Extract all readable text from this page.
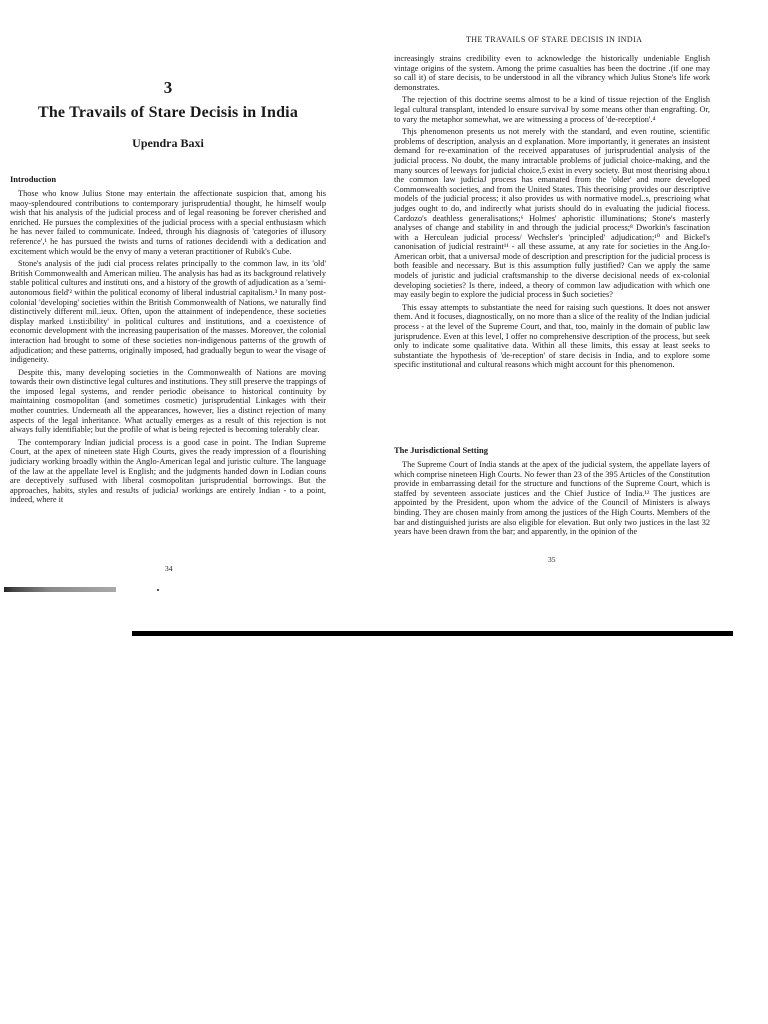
THE TRAVAILS OF STARE DECISIS IN INDIA
3
The Travails of Stare Decisis in India
Upendra Baxi
Introduction

Those who know Julius Stone may entertain the affectionate suspicion that, among his maoy-splendoured contributions to contemporary jurisprudentiaJ thought, he himself woulp wish that his analysis of the judicial process and of legal reasoning be forever cherished and enriched. He pursues the complexities of the judicial process with a special enthusiasm which he has never failed to communicate. Indeed, through his diagnosis of 'categories of illusory reference',¹ he has pursued the twists and turns of rationes decidendi with a dedication and excitement which would be the envy of many a veteran practitioner of Rubik's Cube.

Stone's analysis of the judi cial process relates principally to the common law, in its 'old' British Commonwealth and American milieu. The analysis has had as its background relatively stable political cultures and instituti ons, and a history of the growth of adjudication as a 'semi-autonomous field'² within the political economy of liberal industrial capitalism.³ In many post-colonial 'developing' societies within the British Commonwealth of Nations, we naturally find distinctively different mil..ieux. Often, upon the attainment of independence, these societies display marked i.nsti:ibility' in political cultures and institutions, and a coexistence of economic development with the increasing pauperisation of the masses. Moreover, the colonial interaction had brought to some of these societies non-indigenous patterns of the growth of adjudication; and these patterns, originally imposed, had gradually begun to wear the visage of indigeneity.

Despite this, many developing societies in the Commonwealth of Nations are moving towards their own distinctive legal cultures and institutions. They still preserve the trappings of the imposed legal systems, and render periodic obeisance to historical continuity by maintaining cosmopolitan (and sometimes cosmetic) jurisprudential Linkages with their mother countries. Underneath all the appearances, however, lies a distinct rejection of many aspects of the legal inheritance. What actually emerges as a result of this rejection is not always fully identifiable; but the profile of what is being rejected is becoming tolerably clear.

The contemporary lndian judicial process is a good case in point. The Indian Supreme Court, at the apex of nineteen state High Courts, gives the ready impression of a flourishing judiciary working broadly within the Anglo-American legal and juristic culture. The language of the law at the appellate level is English; and the judgments handed down in Lodian couns are deceptively suffused with liberal cosmopolitan jurisprudential borrowings. But the approaches, habits, styles and resuJts of judiciaJ workings are entirely Indian - to a point, indeed, where it

34

increasingly strains credibility even to acknowledge the historically undeniable English vintage origins of the system. Among the prime casualties has been the doctrine .(if one may so call it) of stare decisis, to be understood in all the vibrancy which Julius Stone's life work demonstrates.

The rejection of this doctrine seems almost to be a kind of tissue rejection of the English legal cultural transplant, intended lo ensure survivaJ by some means other than engrafting. Or, to vary the metaphor somewhat, we are witnessing a process of 'de-reception'.⁴

Thjs phenomenon presents us not merely with the standard, and even routine, scientific problems of description, analysis an d explanation. More importantly, it generates an insistent demand for re-examination of the received apparatuses of jurisprudential analysis of the judicial process. No doubt, the many intractable problems of judicial choice-making, and the many sources of leeways for judicial choice,5 exist in every society. But most theorising abou.t the common law judiciaJ process has emanated from the 'older' and more developed Commonwealth societies, and from the United States. This theorising provides our descriptive models of the judicial process; it also provides us with normative model..s, prescrioing what judges ought to do, and indirectly what jurists should do in evaluating the judicial fiocess. Cardozo's deathless generalisations;⁶ Holmes' aphoristic illuminations; Stone's masterly analyses of change and stability in and through the judicial process;⁸ Dworkin's fascination with a Herculean judicial process/ Wechsler's 'principled' adjudication;¹⁰ and Bickel's canonisation of judicial restraint¹¹ - all these assume, at any rate for societies in the Ang.Io-American orbit, that a universaJ mode of description and prescription for the judicial process is both feasible and necessary. But is this assumption fully justified? Can we apply the same models of juristic and judicial craftsmanship to the diverse decisional needs of ex-colonial developing societies? Is there, indeed, a theory of common law adjudication with which one may easily begin to explore the judicial process in $uch societies?

This essay attempts to substantiate the need for raising such questions. It does not answer them. And it focuses, diagnostically, on no more than a slice of the reality of the Indian judicial process - at the level of the Supreme Court, and that, too, mainly in the domain of public law jurisprudence. Even at this level, I offer no comprehensive description of the process, but seek only to indicate some qualitative data. Within all these limits, this essay at least seeks to substantiate the hypothesis of 'de-reception' of stare decisis in India, and to explore some specific institutional and cultural reasons which might account for this phenomenon.

The Jurisdictional Setting

The Supreme Court of India stands at the apex of the judicial system, the appellate layers of which comprise nineteen High Courts. No fewer than 23 of the 395 Articles of the Constitution provide in embarrassing detail for the structure and functions of the Supreme Court, which is staffed by seventeen associate justices and the Chief Justice of India.¹² The justices are appointed by the President, upon whom the advice of the Council of Ministers is always binding. They are chosen mainly from among the justices of the High Courts. Members of the bar and distinguished jurists are also eligible for elevation. But only two justices in the last 32 years have been drawn from the bar; and apparently, in the opinion of the

35
